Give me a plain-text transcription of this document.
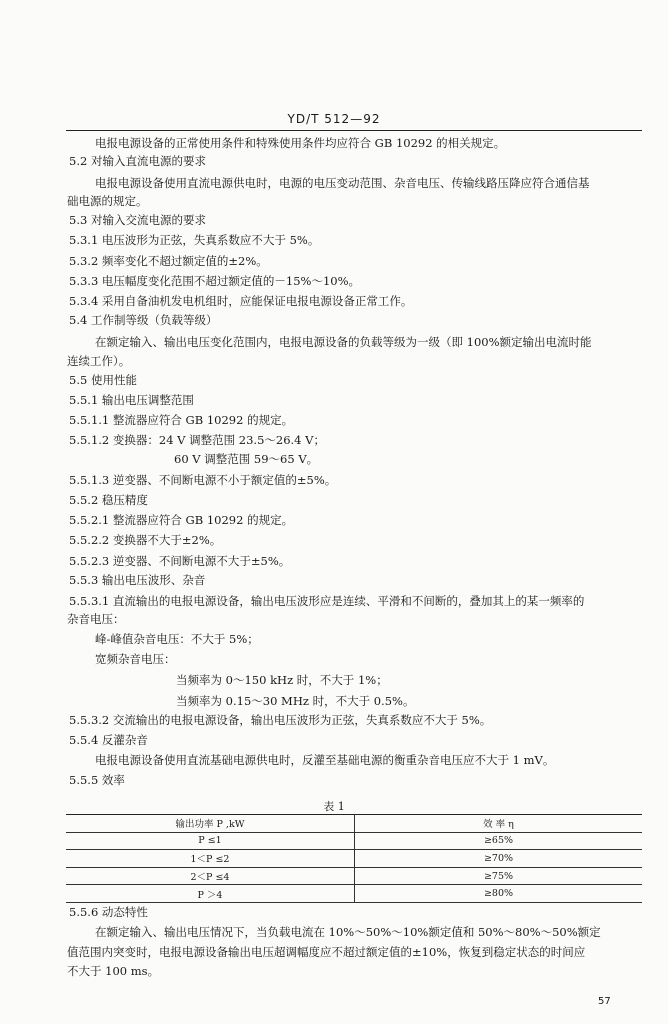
YD/T 512—92
电报电源设备的正常使用条件和特殊使用条件均应符合 GB 10292 的相关规定。
5.2 对输入直流电源的要求
电报电源设备使用直流电源供电时，电源的电压变动范围、杂音电压、传输线路压降应符合通信基
础电源的规定。
5.3 对输入交流电源的要求
5.3.1 电压波形为正弦，失真系数应不大于 5%。
5.3.2 频率变化不超过额定值的±2%。
5.3.3 电压幅度变化范围不超过额定值的－15%～10%。
5.3.4 采用自备油机发电机组时，应能保证电报电源设备正常工作。
5.4 工作制等级（负载等级）
在额定输入、输出电压变化范围内，电报电源设备的负载等级为一级（即 100%额定输出电流时能
连续工作）。
5.5 使用性能
5.5.1 输出电压调整范围
5.5.1.1 整流器应符合 GB 10292 的规定。
5.5.1.2 变换器：24 V 调整范围 23.5～26.4 V；
60 V 调整范围 59～65 V。
5.5.1.3 逆变器、不间断电源不小于额定值的±5%。
5.5.2 稳压精度
5.5.2.1 整流器应符合 GB 10292 的规定。
5.5.2.2 变换器不大于±2%。
5.5.2.3 逆变器、不间断电源不大于±5%。
5.5.3 输出电压波形、杂音
5.5.3.1 直流输出的电报电源设备，输出电压波形应是连续、平滑和不间断的，叠加其上的某一频率的
杂音电压：
峰-峰值杂音电压：不大于 5%；
宽频杂音电压：
当频率为 0～150 kHz 时，不大于 1%；
当频率为 0.15～30 MHz 时，不大于 0.5%。
5.5.3.2 交流输出的电报电源设备，输出电压波形为正弦，失真系数应不大于 5%。
5.5.4 反灌杂音
电报电源设备使用直流基础电源供电时，反灌至基础电源的衡重杂音电压应不大于 1 mV。
5.5.5 效率
5.5.6 动态特性
在额定输入、输出电压情况下，当负载电流在 10%～50%～10%额定值和 50%～80%～50%额定
值范围内突变时，电报电源设备输出电压超调幅度应不超过额定值的±10%，恢复到稳定状态的时间应
不大于 100 ms。
表 1
输出功率 P ,kW	效 率 η
P ≤1	≥65%
1＜P ≤2	≥70%
2＜P ≤4	≥75%
P ＞4	≥80%
57
